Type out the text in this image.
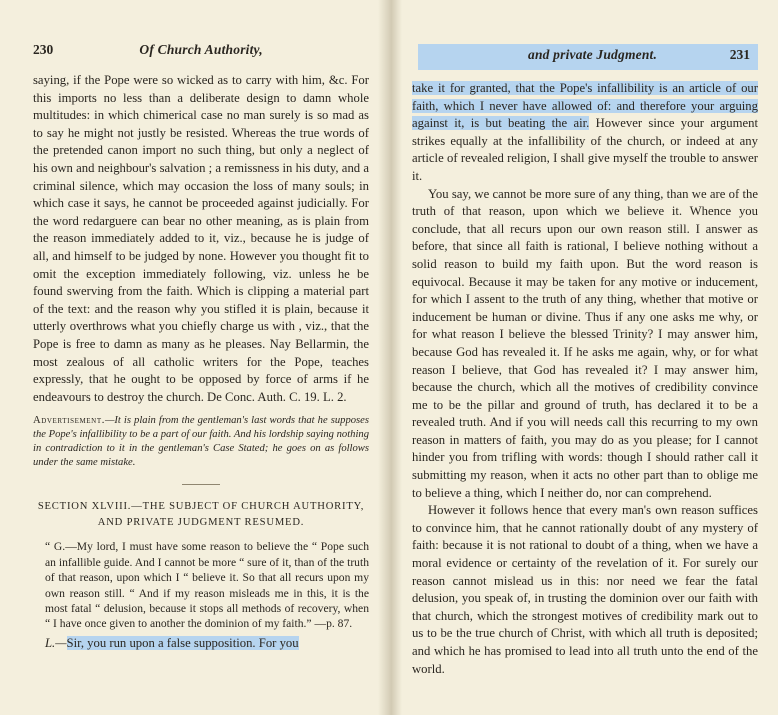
230	Of Church Authority,

saying, if the Pope were so wicked as to carry with him, &c. For this imports no less than a deliberate design to damn whole multitudes: in which chimerical case no man surely is so mad as to say he might not justly be resisted. Whereas the true words of the pretended canon import no such thing, but only a neglect of his own and neighbour's salvation ; a remissness in his duty, and a criminal silence, which may occasion the loss of many souls; in which case it says, he cannot be proceeded against judicially. For the word redarguere can bear no other meaning, as is plain from the reason immediately added to it, viz., because he is judge of all, and himself to be judged by none. However you thought fit to omit the exception immediately following, viz. unless he be found swerving from the faith. Which is clipping a material part of the text: and the reason why you stifled it is plain, because it utterly overthrows what you chiefly charge us with , viz., that the Pope is free to damn as many as he pleases. Nay Bellarmin, the most zealous of all catholic writers for the Pope, teaches expressly, that he ought to be opposed by force of arms if he endeavours to destroy the church. De Conc. Auth. C. 19. L. 2.

Advertisement.—It is plain from the gentleman's last words that he supposes the Pope's infallibility to be a part of our faith. And his lordship saying nothing in contradiction to it in the gentleman's Case Stated; he goes on as follows under the same mistake.
SECTION XLVIII.—THE SUBJECT OF CHURCH AUTHORITY,
AND PRIVATE JUDGMENT RESUMED.
“ G.—My lord, I must have some reason to believe the “ Pope such an infallible guide. And I cannot be more “ sure of it, than of the truth of that reason, upon which I “ believe it. So that all recurs upon my own reason still. “ And if my reason misleads me in this, it is the most fatal “ delusion, because it stops all methods of recovery, when “ I have once given to another the dominion of my faith.” —p. 87.
L.—Sir, you run upon a false supposition. For you
and private Judgment.	231

take it for granted, that the Pope's infallibility is an article of our faith, which I never have allowed of: and therefore your arguing against it, is but beating the air. However since your argument strikes equally at the infallibility of the church, or indeed at any article of revealed religion, I shall give myself the trouble to answer it.

You say, we cannot be more sure of any thing, than we are of the truth of that reason, upon which we believe it. Whence you conclude, that all recurs upon our own reason still. I answer as before, that since all faith is rational, I believe nothing without a solid reason to build my faith upon. But the word reason is equivocal. Because it may be taken for any motive or inducement, for which I assent to the truth of any thing, whether that motive or inducement be human or divine. Thus if any one asks me why, or for what reason I believe the blessed Trinity? I may answer him, because God has revealed it. If he asks me again, why, or for what reason I believe, that God has revealed it? I may answer him, because the church, which all the motives of credibility convince me to be the pillar and ground of truth, has declared it to be a revealed truth. And if you will needs call this recurring to my own reason in matters of faith, you may do as you please; for I cannot hinder you from trifling with words: though I should rather call it submitting my reason, when it acts no other part than to oblige me to believe a thing, which I neither do, nor can comprehend.

However it follows hence that every man's own reason suffices to convince him, that he cannot rationally doubt of any mystery of faith: because it is not rational to doubt of a thing, when we have a moral evidence or certainty of the revelation of it. For surely our reason cannot mislead us in this: nor need we fear the fatal delusion, you speak of, in trusting the dominion over our faith with that church, which the strongest motives of credibility mark out to us to be the true church of Christ, with which all truth is deposited; and which he has promised to lead into all truth unto the end of the world.
